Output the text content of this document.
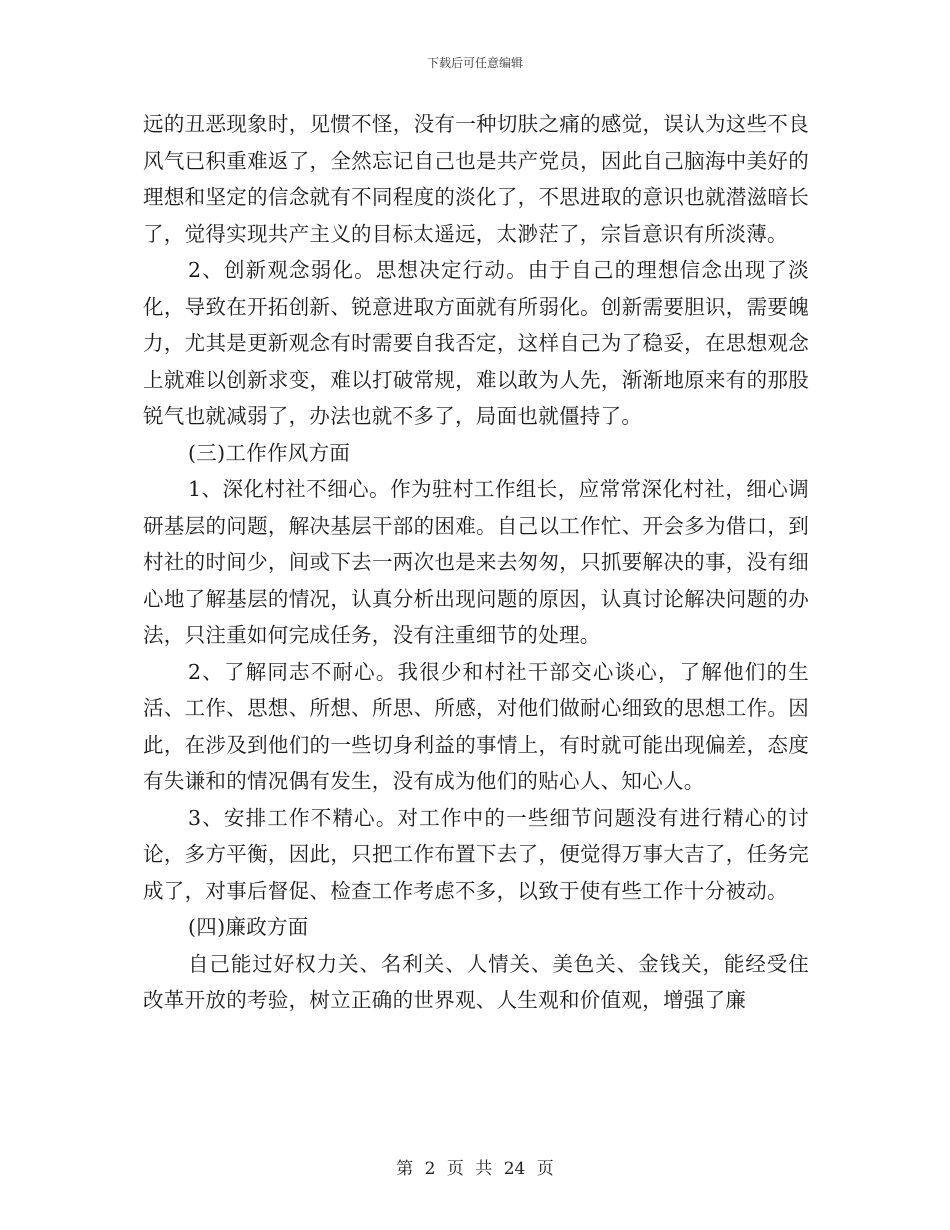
下载后可任意编辑

远的丑恶现象时，见惯不怪，没有一种切肤之痛的感觉，误认为这些不良风气已积重难返了，全然忘记自己也是共产党员，因此自己脑海中美好的理想和坚定的信念就有不同程度的淡化了，不思进取的意识也就潜滋暗长了，觉得实现共产主义的目标太遥远，太渺茫了，宗旨意识有所淡薄。

2、创新观念弱化。思想决定行动。由于自己的理想信念出现了淡化，导致在开拓创新、锐意进取方面就有所弱化。创新需要胆识，需要魄力，尤其是更新观念有时需要自我否定，这样自己为了稳妥，在思想观念上就难以创新求变，难以打破常规，难以敢为人先，渐渐地原来有的那股锐气也就减弱了，办法也就不多了，局面也就僵持了。

(三)工作作风方面

1、深化村社不细心。作为驻村工作组长，应常常深化村社，细心调研基层的问题，解决基层干部的困难。自己以工作忙、开会多为借口，到村社的时间少，间或下去一两次也是来去匆匆，只抓要解决的事，没有细心地了解基层的情况，认真分析出现问题的原因，认真讨论解决问题的办法，只注重如何完成任务，没有注重细节的处理。

2、了解同志不耐心。我很少和村社干部交心谈心，了解他们的生活、工作、思想、所想、所思、所感，对他们做耐心细致的思想工作。因此，在涉及到他们的一些切身利益的事情上，有时就可能出现偏差，态度有失谦和的情况偶有发生，没有成为他们的贴心人、知心人。

3、安排工作不精心。对工作中的一些细节问题没有进行精心的讨论，多方平衡，因此，只把工作布置下去了，便觉得万事大吉了，任务完成了，对事后督促、检查工作考虑不多，以致于使有些工作十分被动。

(四)廉政方面

自己能过好权力关、名利关、人情关、美色关、金钱关，能经受住改革开放的考验，树立正确的世界观、人生观和价值观，增强了廉

第 2 页 共 24 页
